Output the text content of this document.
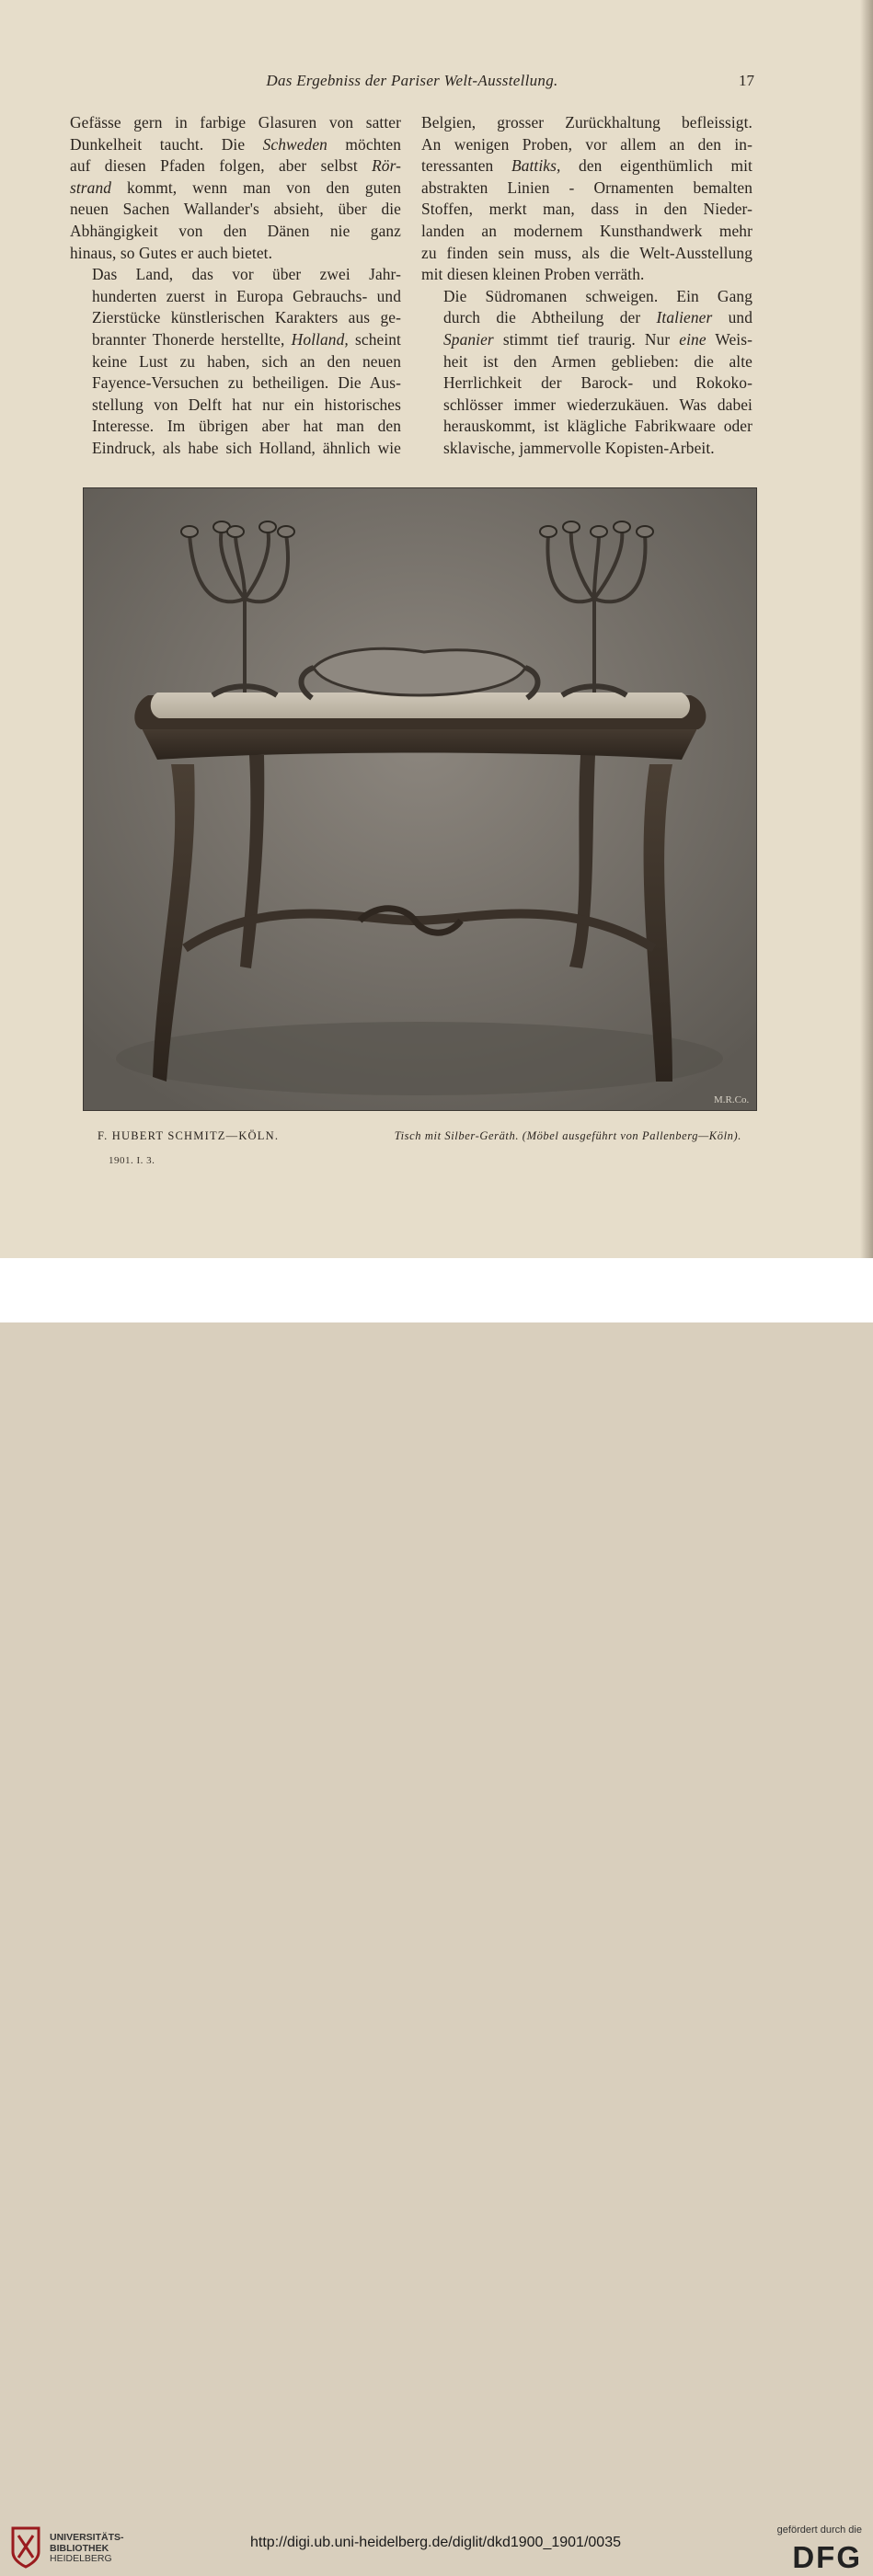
Das Ergebniss der Pariser Welt-Ausstellung.	17

Gefässe gern in farbige Glasuren von satter
Dunkelheit taucht. Die Schweden möchten
auf diesen Pfaden folgen, aber selbst Rör-
strand kommt, wenn man von den guten
neuen Sachen Wallander's absieht, über die
Abhängigkeit von den Dänen nie ganz
hinaus, so Gutes er auch bietet.

Das Land, das vor über zwei Jahr-
hunderten zuerst in Europa Gebrauchs- und
Zierstücke künstlerischen Karakters aus ge-
brannter Thonerde herstellte, Holland, scheint
keine Lust zu haben, sich an den neuen
Fayence-Versuchen zu betheiligen. Die Aus-
stellung von Delft hat nur ein historisches
Interesse. Im übrigen aber hat man den
Eindruck, als habe sich Holland, ähnlich wie

Belgien, grosser Zurückhaltung befleissigt.
An wenigen Proben, vor allem an den in-
teressanten Battiks, den eigenthümlich mit
abstrakten Linien - Ornamenten bemalten
Stoffen, merkt man, dass in den Nieder-
landen an modernem Kunsthandwerk mehr
zu finden sein muss, als die Welt-Ausstellung
mit diesen kleinen Proben verräth.

Die Südromanen schweigen. Ein Gang
durch die Abtheilung der Italiener und
Spanier stimmt tief traurig. Nur eine Weis-
heit ist den Armen geblieben: die alte
Herrlichkeit der Barock- und Rokoko-
schlösser immer wiederzukäuen. Was dabei
herauskommt, ist klägliche Fabrikwaare oder
sklavische, jammervolle Kopisten-Arbeit.

M.R.Co.
F. HUBERT SCHMITZ—KÖLN.	Tisch mit Silber-Geräth. (Möbel ausgeführt von Pallenberg—Köln).
1901. I. 3.
UNIVERSITÄTS-
BIBLIOTHEK
HEIDELBERG
http://digi.ub.uni-heidelberg.de/diglit/dkd1900_1901/0035
gefördert durch die
DFG
